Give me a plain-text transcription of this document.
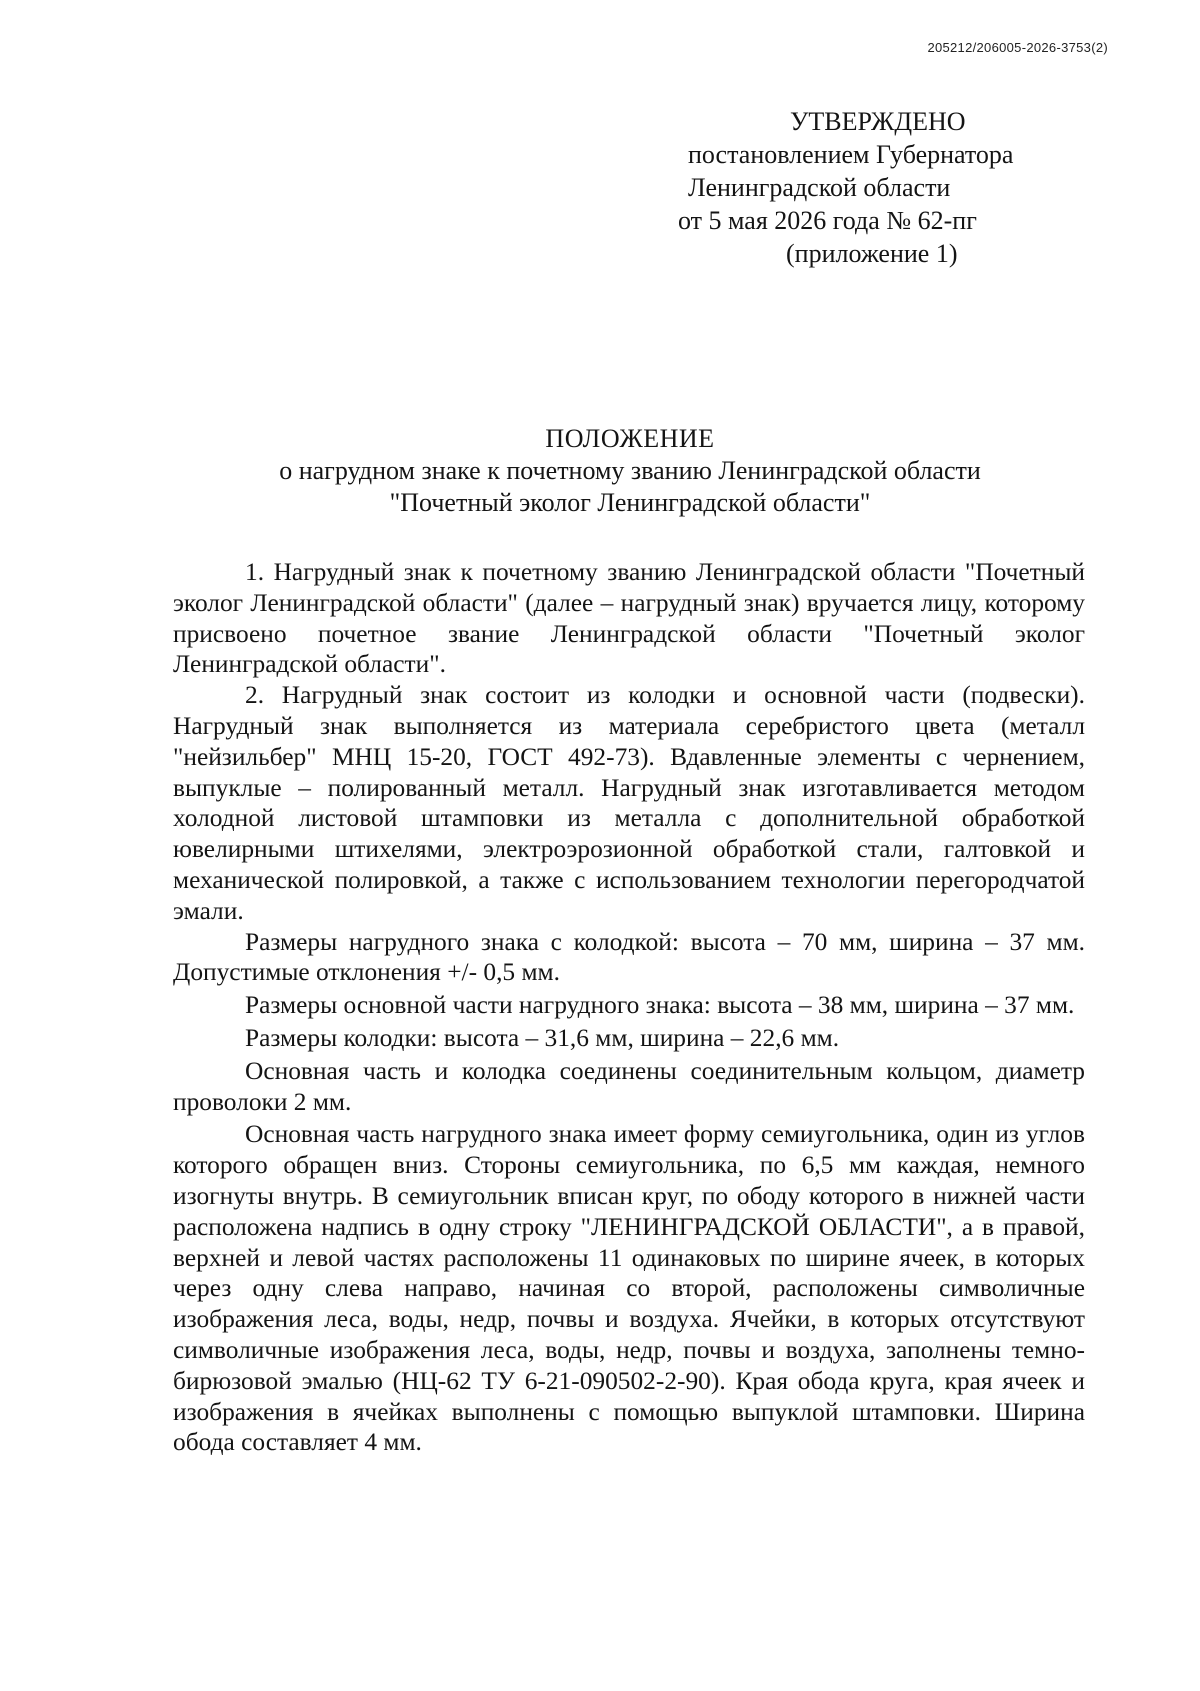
205212/206005-2026-3753(2)
УТВЕРЖДЕНО
постановлением Губернатора
Ленинградской области
от 5 мая 2026 года № 62-пг
(приложение 1)
ПОЛОЖЕНИЕ
о нагрудном знаке к почетному званию Ленинградской области
"Почетный эколог Ленинградской области"

1. Нагрудный знак к почетному званию Ленинградской области "Почетный эколог Ленинградской области" (далее – нагрудный знак) вручается лицу, которому присвоено почетное звание Ленинградской области "Почетный эколог Ленинградской области".

2. Нагрудный знак состоит из колодки и основной части (подвески). Нагрудный знак выполняется из материала серебристого цвета (металл "нейзильбер" МНЦ 15-20, ГОСТ 492-73). Вдавленные элементы с чернением, выпуклые – полированный металл. Нагрудный знак изготавливается методом холодной листовой штамповки из металла с дополнительной обработкой ювелирными штихелями, электроэрозионной обработкой стали, галтовкой и механической полировкой, а также с использованием технологии перегородчатой эмали.

Размеры нагрудного знака с колодкой: высота – 70 мм, ширина – 37 мм. Допустимые отклонения +/- 0,5 мм.

Размеры основной части нагрудного знака: высота – 38 мм, ширина – 37 мм.

Размеры колодки: высота – 31,6 мм, ширина – 22,6 мм.

Основная часть и колодка соединены соединительным кольцом, диаметр проволоки 2 мм.

Основная часть нагрудного знака имеет форму семиугольника, один из углов которого обращен вниз. Стороны семиугольника, по 6,5 мм каждая, немного изогнуты внутрь. В семиугольник вписан круг, по ободу которого в нижней части расположена надпись в одну строку "ЛЕНИНГРАДСКОЙ ОБЛАСТИ", а в правой, верхней и левой частях расположены 11 одинаковых по ширине ячеек, в которых через одну слева направо, начиная со второй, расположены символичные изображения леса, воды, недр, почвы и воздуха. Ячейки, в которых отсутствуют символичные изображения леса, воды, недр, почвы и воздуха, заполнены темно-бирюзовой эмалью (НЦ-62 ТУ 6-21-090502-2-90). Края обода круга, края ячеек и изображения в ячейках выполнены с помощью выпуклой штамповки. Ширина обода составляет 4 мм.
